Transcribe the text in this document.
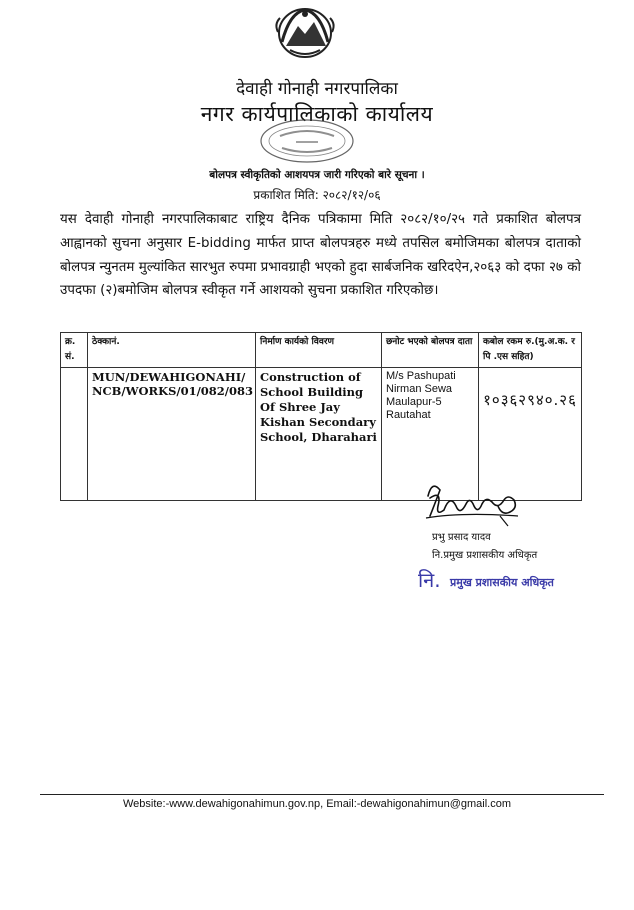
देवाही गोनाही नगरपालिका
नगर कार्यपालिकाको कार्यालय
बोलपत्र स्वीकृतिको आशयपत्र जारी गरिएको बारे सूचना ।
प्रकाशित मिति: २०८२/१२/०६
यस देवाही गोनाही नगरपालिकाबाट राष्ट्रिय दैनिक पत्रिकामा मिति २०८२/१०/२५ गते प्रकाशित बोलपत्र आह्वानको सुचना अनुसार E-bidding मार्फत प्राप्त बोलपत्रहरु मध्ये तपसिल बमोजिमका बोलपत्र दाताको बोलपत्र न्युनतम मुल्यांकित सारभुत रुपमा प्रभावग्राही भएको हुदा सार्बजनिक खरिदऐन,२०६३ को दफा २७ को उपदफा (२)बमोजिम बोलपत्र स्वीकृत गर्ने आशयको सुचना प्रकाशित गरिएकोछ।
क्र. सं.	ठेक्कानं.	निर्माण कार्यको विवरण	छनोट भएको बोलपत्र दाता	कबोल रकम रु.(मु.अ.क. र पि .एस सहित)
	MUN/DEWAHIGONAHI/ NCB/WORKS/01/082/083	Construction of School Building Of Shree Jay Kishan Secondary School, Dharahari	M/s Pashupati Nirman Sewa Maulapur-5 Rautahat	१०३६२९४०.२६
प्रभु प्रसाद यादव
नि.प्रमुख प्रशासकीय अधिकृत
नि. प्रमुख प्रशासकीय अधिकृत
Website:-www.dewahigonahimun.gov.np, Email:-dewahigonahimun@gmail.com
